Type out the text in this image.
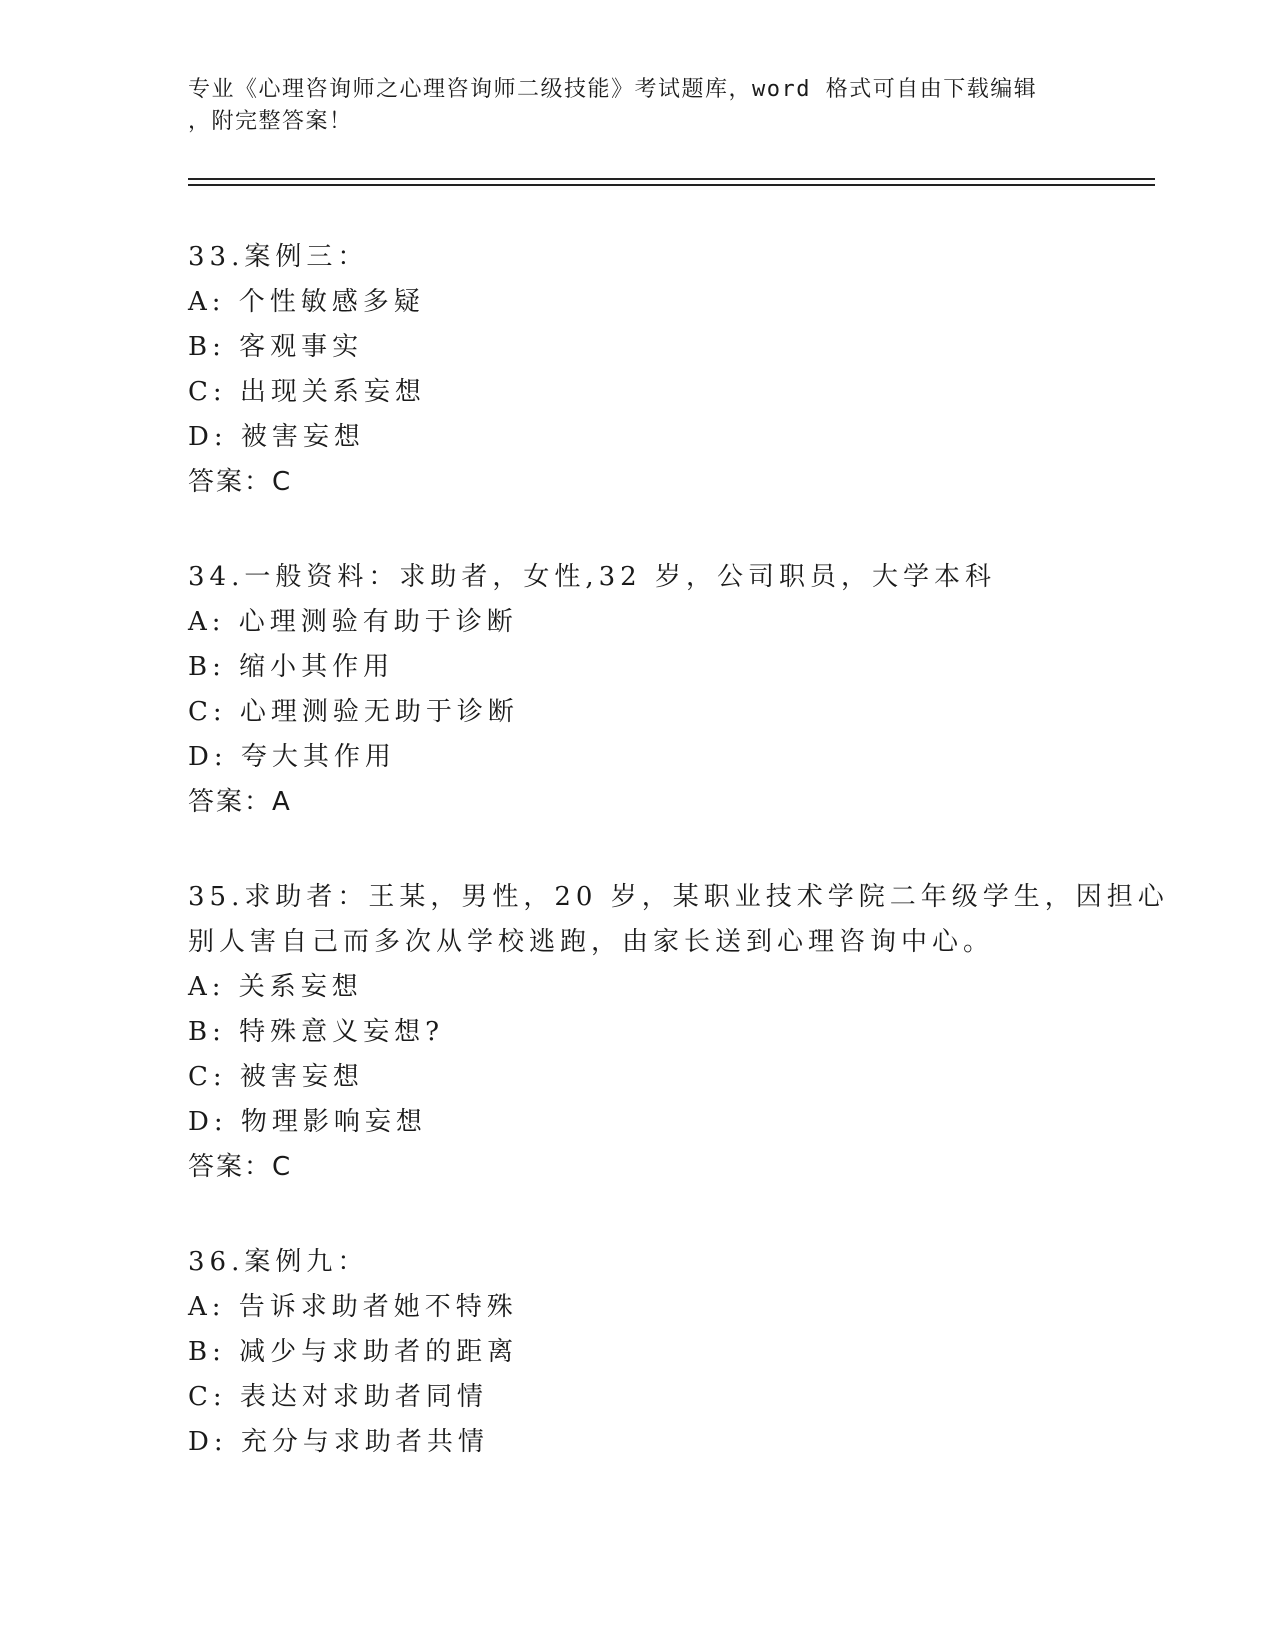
专业《心理咨询师之心理咨询师二级技能》考试题库，word 格式可自由下载编辑
，附完整答案！
33.案例三：
A: 个性敏感多疑
B: 客观事实
C: 出现关系妄想
D: 被害妄想
答案：C
34.一般资料：求助者，女性,32 岁，公司职员，大学本科
A: 心理测验有助于诊断
B: 缩小其作用
C: 心理测验无助于诊断
D: 夸大其作用
答案：A
35.求助者：王某，男性，20 岁，某职业技术学院二年级学生，因担心
别人害自己而多次从学校逃跑，由家长送到心理咨询中心。
A: 关系妄想
B: 特殊意义妄想?
C: 被害妄想
D: 物理影响妄想
答案：C
36.案例九：
A: 告诉求助者她不特殊
B: 减少与求助者的距离
C: 表达对求助者同情
D: 充分与求助者共情
